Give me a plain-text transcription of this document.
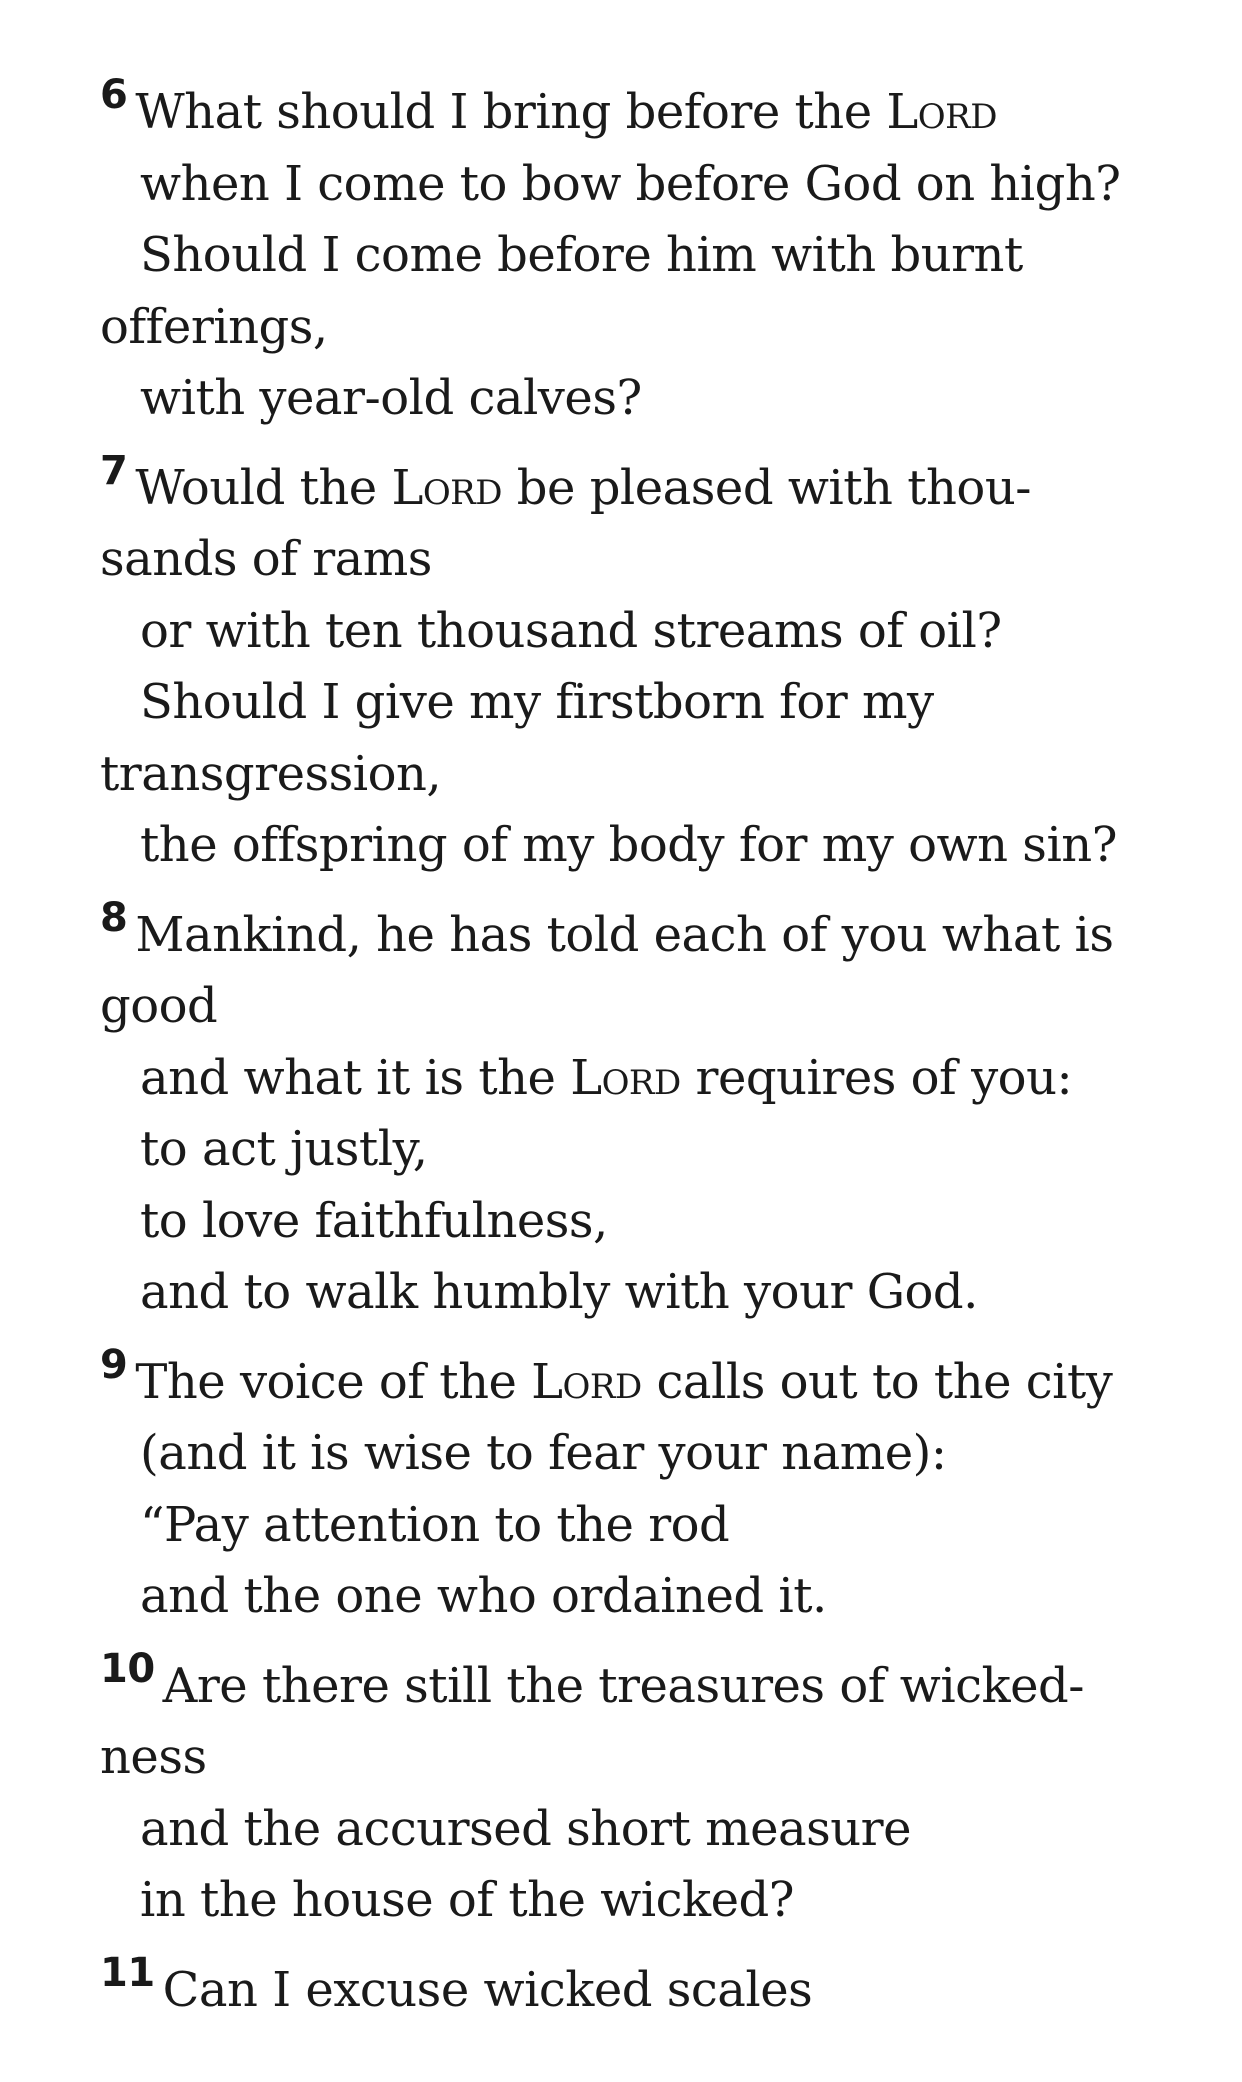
$^6$ What should I bring before the Lord
when I come to bow before God on high?
Should I come before him with burnt
offerings,
with year-old calves?
$^7$ Would the Lord be pleased with thou-
sands of rams
or with ten thousand streams of oil?
Should I give my firstborn for my
transgression,
the offspring of my body for my own sin?
$^8$ Mankind, he has told each of you what is
good
and what it is the Lord requires of you:
to act justly,
to love faithfulness,
and to walk humbly with your God.
$^9$ The voice of the Lord calls out to the city
(and it is wise to fear your name):
“Pay attention to the rod
and the one who ordained it.
$^{10}$ Are there still the treasures of wicked-
ness
and the accursed short measure
in the house of the wicked?
$^{11}$ Can I excuse wicked scales
